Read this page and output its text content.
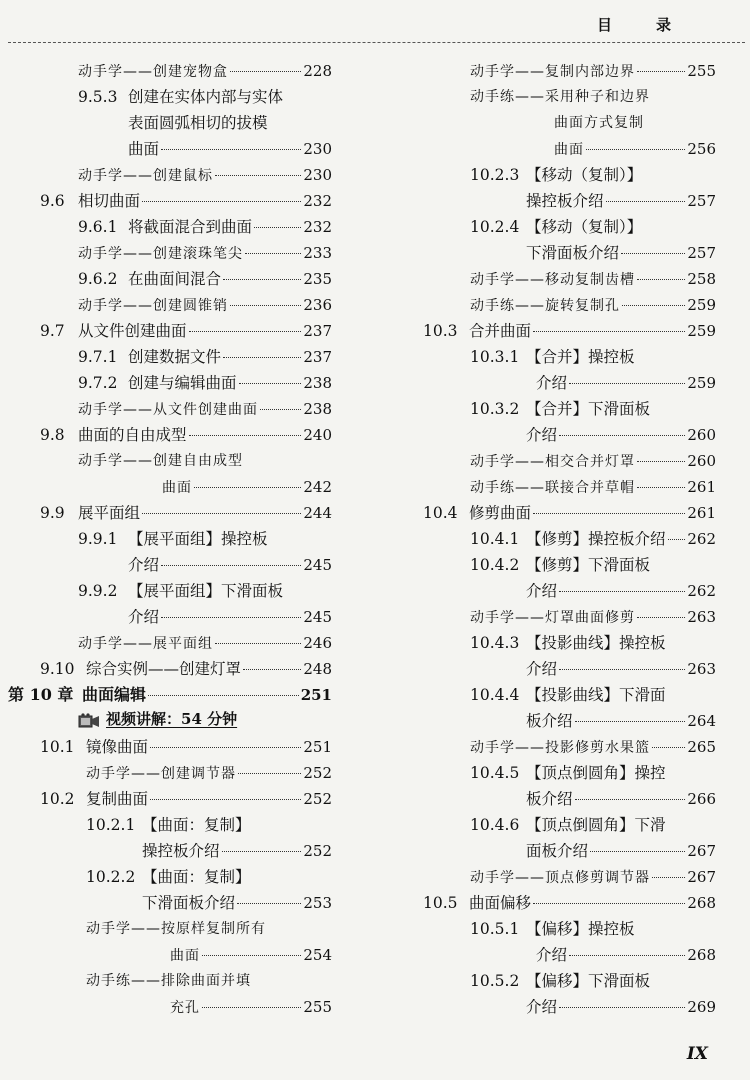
目录
动手学——创建宠物盒	228
9.5.3 创建在实体内部与实体
表面圆弧相切的拔模
曲面	230
动手学——创建鼠标	230
9.6 相切曲面	232
9.6.1 将截面混合到曲面	232
动手学——创建滚珠笔尖	233
9.6.2 在曲面间混合	235
动手学——创建圆锥销	236
9.7 从文件创建曲面	237
9.7.1 创建数据文件	237
9.7.2 创建与编辑曲面	238
动手学——从文件创建曲面	238
9.8 曲面的自由成型	240
动手学——创建自由成型
曲面	242
9.9 展平面组	244
9.9.1 【展平面组】操控板
介绍	245
9.9.2 【展平面组】下滑面板
介绍	245
动手学——展平面组	246
9.10 综合实例——创建灯罩	248
第 10 章 曲面编辑	251
10.1 镜像曲面	251
动手学——创建调节器	252
10.2 复制曲面	252
10.2.1 【曲面：复制】
操控板介绍	252
10.2.2 【曲面：复制】
下滑面板介绍	253
动手学——按原样复制所有
曲面	254
动手练——排除曲面并填
充孔	255
动手学——复制内部边界	255
动手练——采用种子和边界
曲面方式复制
曲面	256
10.2.3 【移动（复制）】
操控板介绍	257
10.2.4 【移动（复制）】
下滑面板介绍	257
动手学——移动复制齿槽	258
动手练——旋转复制孔	259
10.3 合并曲面	259
10.3.1 【合并】操控板
介绍	259
10.3.2 【合并】下滑面板
介绍	260
动手学——相交合并灯罩	260
动手练——联接合并草帽	261
10.4 修剪曲面	261
10.4.1 【修剪】操控板介绍 262
10.4.2 【修剪】下滑面板
介绍	262
动手学——灯罩曲面修剪	263
10.4.3 【投影曲线】操控板
介绍	263
10.4.4 【投影曲线】下滑面
板介绍	264
动手学——投影修剪水果篮 265
10.4.5 【顶点倒圆角】操控
板介绍	266
10.4.6 【顶点倒圆角】下滑
面板介绍	267
动手学——顶点修剪调节器 267
10.5 曲面偏移	268
10.5.1 【偏移】操控板
介绍	268
10.5.2 【偏移】下滑面板
介绍	269
视频讲解：54 分钟
IX
